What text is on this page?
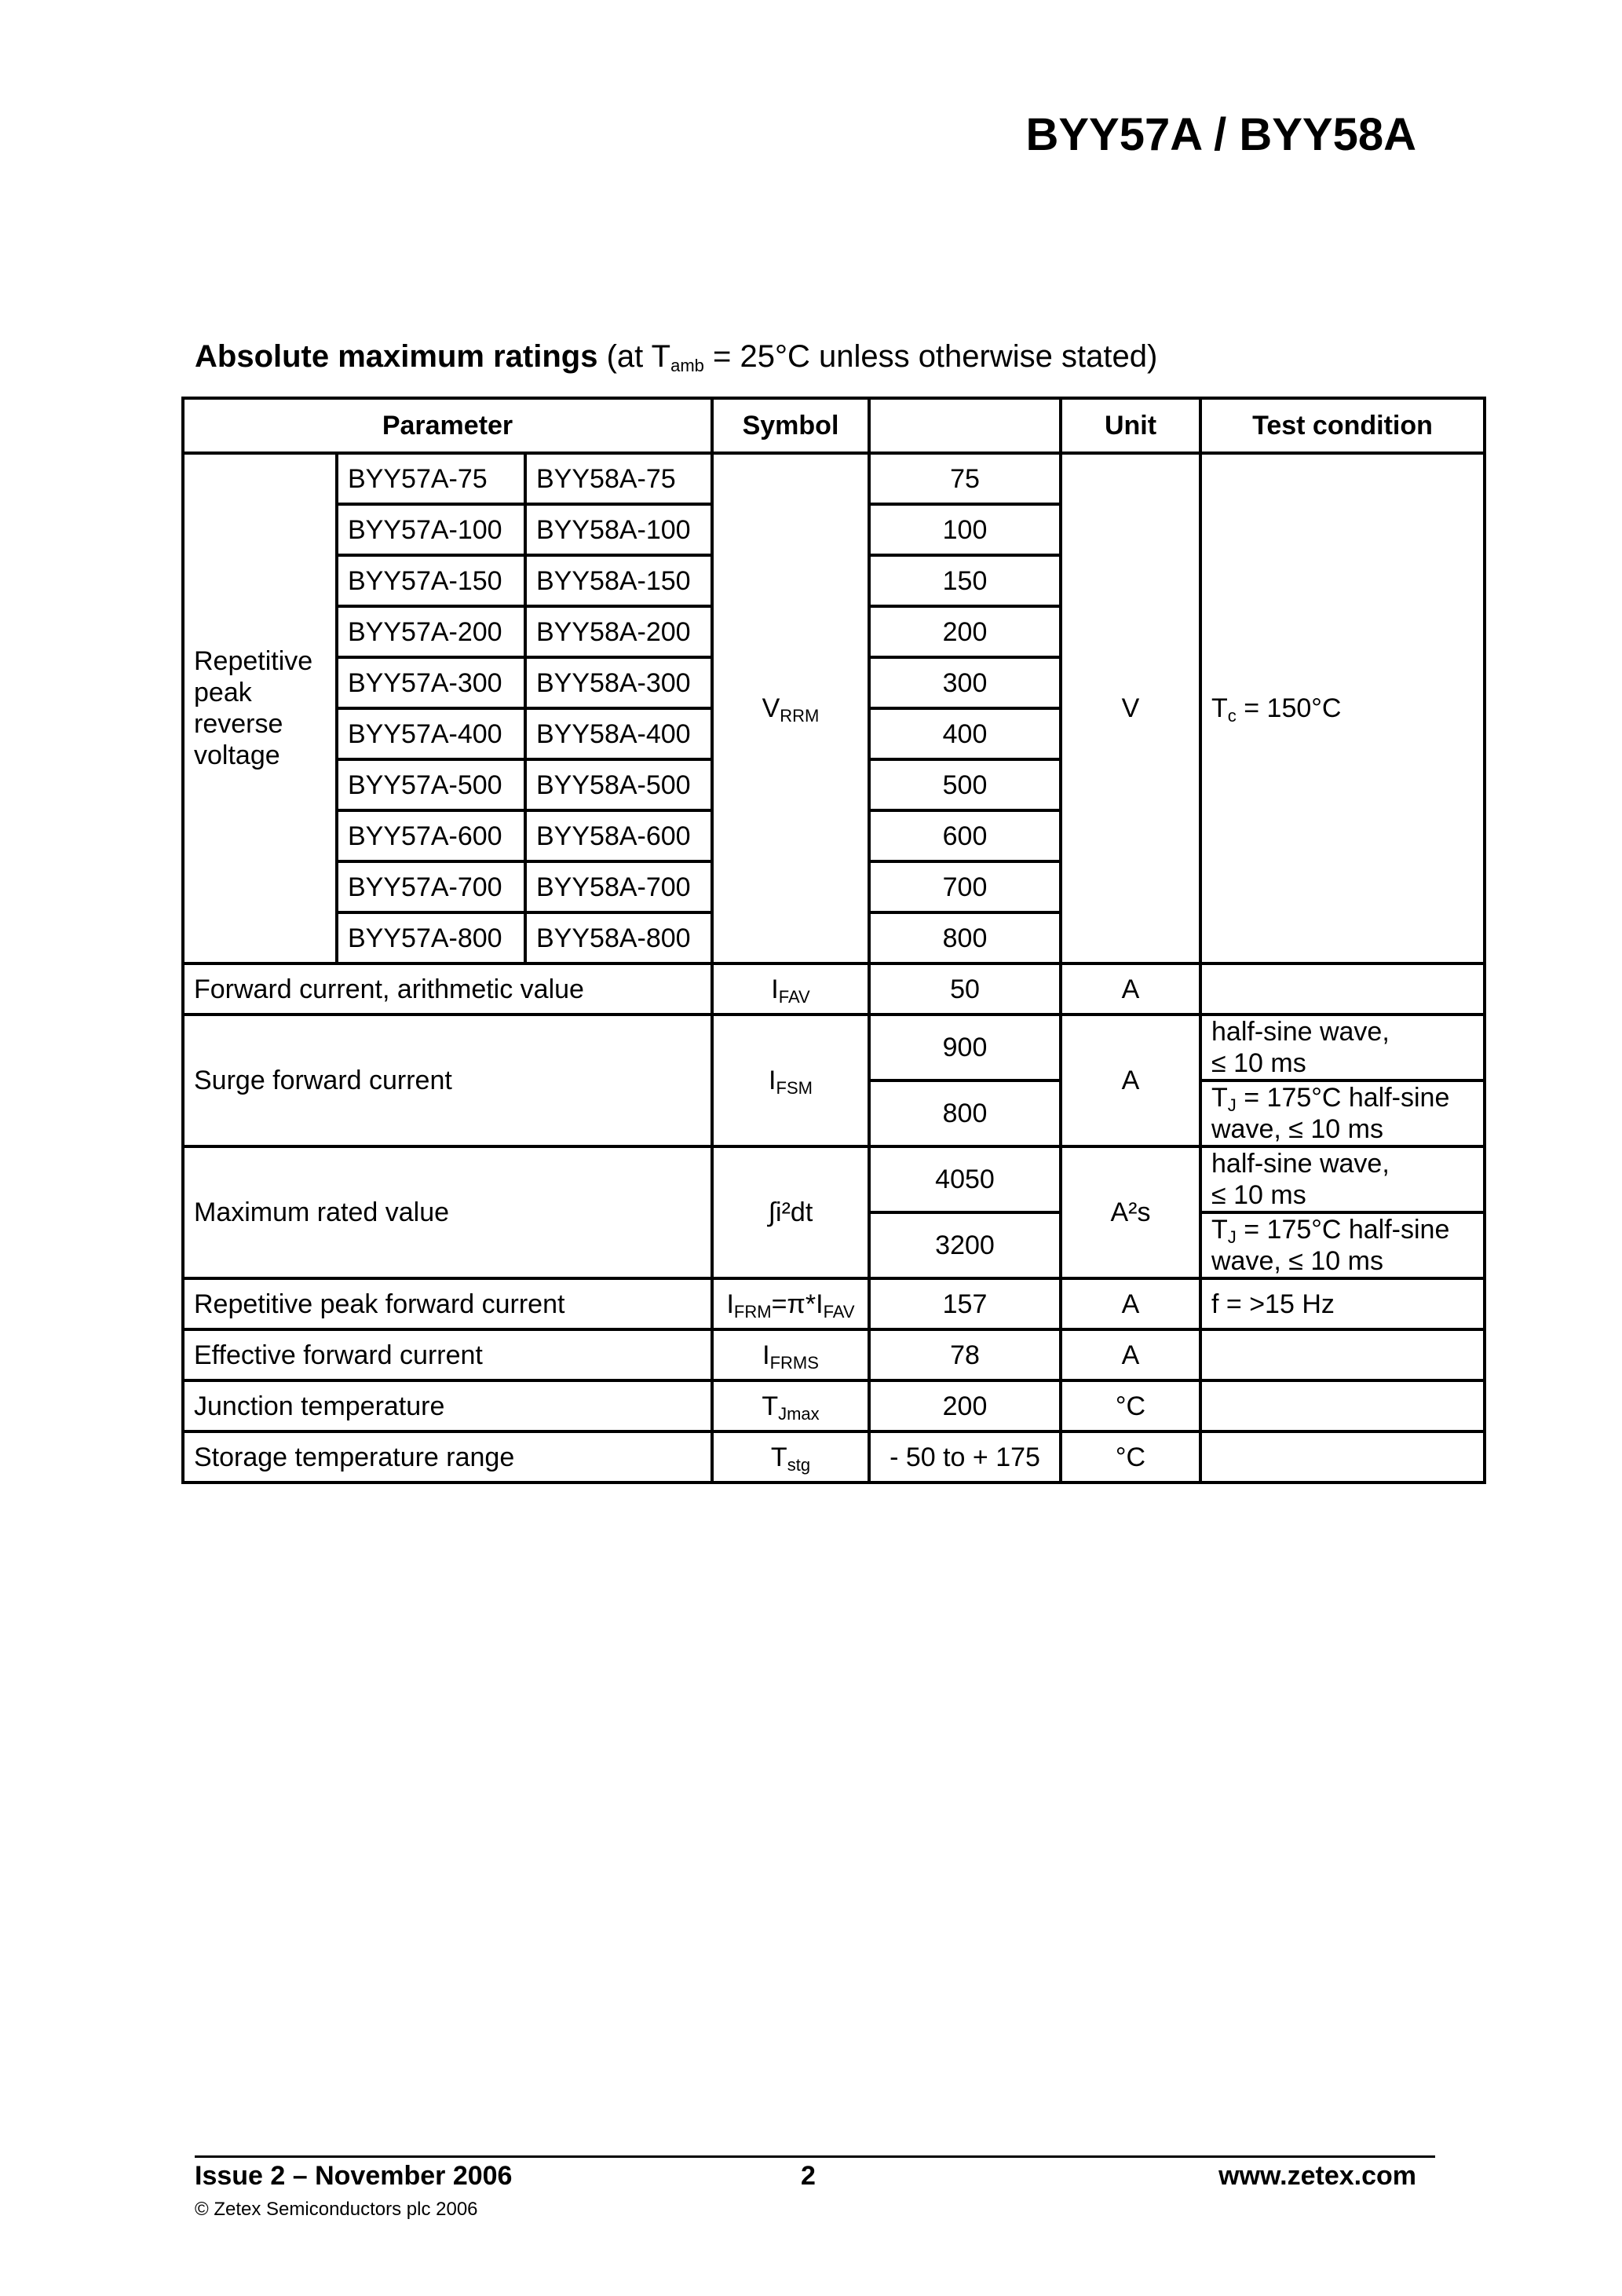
BYY57A / BYY58A
Absolute maximum ratings (at $T_{amb} = 25^\circ C$ unless otherwise stated)
Parameter			Symbol		Unit	Test condition
Repetitive peak reverse voltage	BYY57A-75	BYY58A-75	$V_{RRM}$	75	V	$T_c = 150^\circ C$
	BYY57A-100	BYY58A-100		100		
	BYY57A-150	BYY58A-150		150		
	BYY57A-200	BYY58A-200		200		
	BYY57A-300	BYY58A-300		300		
	BYY57A-400	BYY58A-400		400		
	BYY57A-500	BYY58A-500		500		
	BYY57A-600	BYY58A-600		600		
	BYY57A-700	BYY58A-700		700		
	BYY57A-800	BYY58A-800		800		
Forward current, arithmetic value			$I_{FAV}$	50	A	
Surge forward current			$I_{FSM}$	900	A	half-sine wave,
≤ 10 ms
				800		$T_J = 175^\circ C$ half-sine
wave, ≤ 10 ms
Maximum rated value			∫i²dt	4050	A²s	half-sine wave,
≤ 10 ms
				3200		$T_J = 175^\circ C$ half-sine
wave, ≤ 10 ms
Repetitive peak forward current			$I_{FRM}=\pi*I_{FAV}$	157	A	f = >15 Hz
Effective forward current			$I_{FRMS}$	78	A	
Junction temperature			$T_{Jmax}$	200	°C	
Storage temperature range			$T_{stg}$	- 50 to + 175	°C	
Issue 2 – November 2006	2	www.zetex.com
© Zetex Semiconductors plc 2006
